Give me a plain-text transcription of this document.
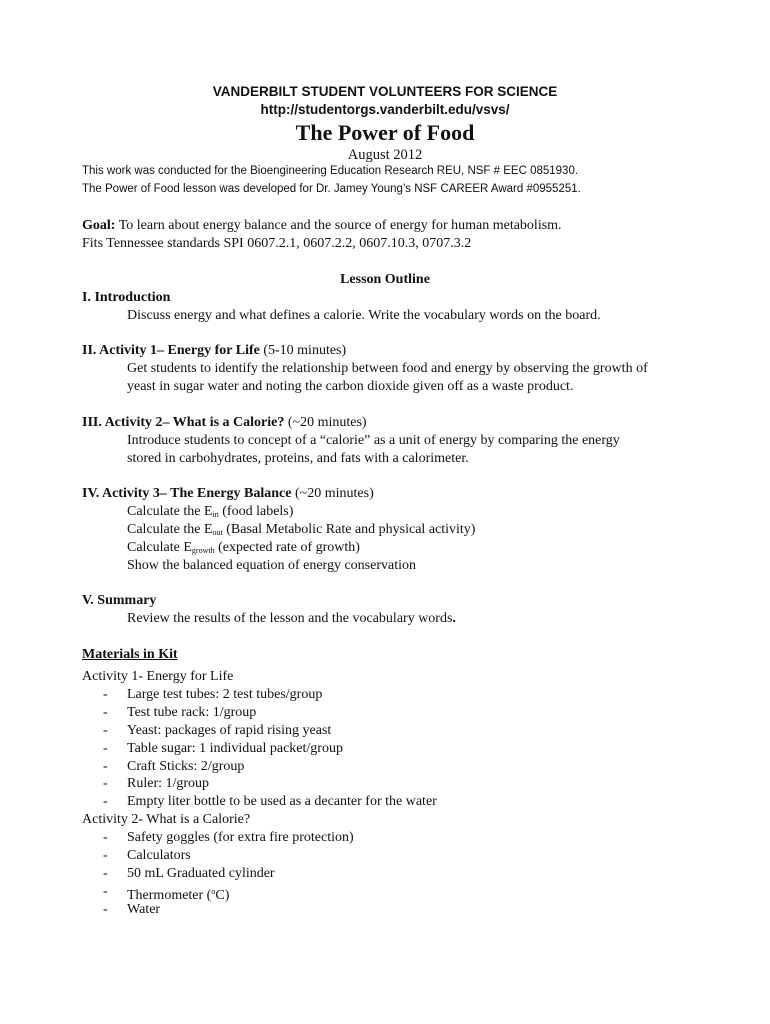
VANDERBILT STUDENT VOLUNTEERS FOR SCIENCE
http://studentorgs.vanderbilt.edu/vsvs/
The Power of Food
August 2012
This work was conducted for the Bioengineering Education Research REU, NSF # EEC 0851930.
The Power of Food lesson was developed for Dr. Jamey Young’s NSF CAREER Award #0955251.
Goal: To learn about energy balance and the source of energy for human metabolism.
Fits Tennessee standards SPI 0607.2.1, 0607.2.2, 0607.10.3, 0707.3.2
Lesson Outline
I. Introduction
Discuss energy and what defines a calorie. Write the vocabulary words on the board.
II. Activity 1– Energy for Life (5-10 minutes)
Get students to identify the relationship between food and energy by observing the growth of
yeast in sugar water and noting the carbon dioxide given off as a waste product.
III. Activity 2– What is a Calorie? (~20 minutes)
Introduce students to concept of a “calorie” as a unit of energy by comparing the energy
stored in carbohydrates, proteins, and fats with a calorimeter.
IV. Activity 3– The Energy Balance (~20 minutes)
Calculate the $E_{in}$ (food labels)
Calculate the $E_{out}$ (Basal Metabolic Rate and physical activity)
Calculate $E_{growth}$ (expected rate of growth)
Show the balanced equation of energy conservation
V. Summary
Review the results of the lesson and the vocabulary words.
Materials in Kit
Activity 1- Energy for Life
- Large test tubes: 2 test tubes/group
- Test tube rack: 1/group
- Yeast: packages of rapid rising yeast
- Table sugar: 1 individual packet/group
- Craft Sticks: 2/group
- Ruler: 1/group
- Empty liter bottle to be used as a decanter for the water
Activity 2- What is a Calorie?
- Safety goggles (for extra fire protection)
- Calculators
- 50 mL Graduated cylinder
- Thermometer ($^o$C)
- Water
